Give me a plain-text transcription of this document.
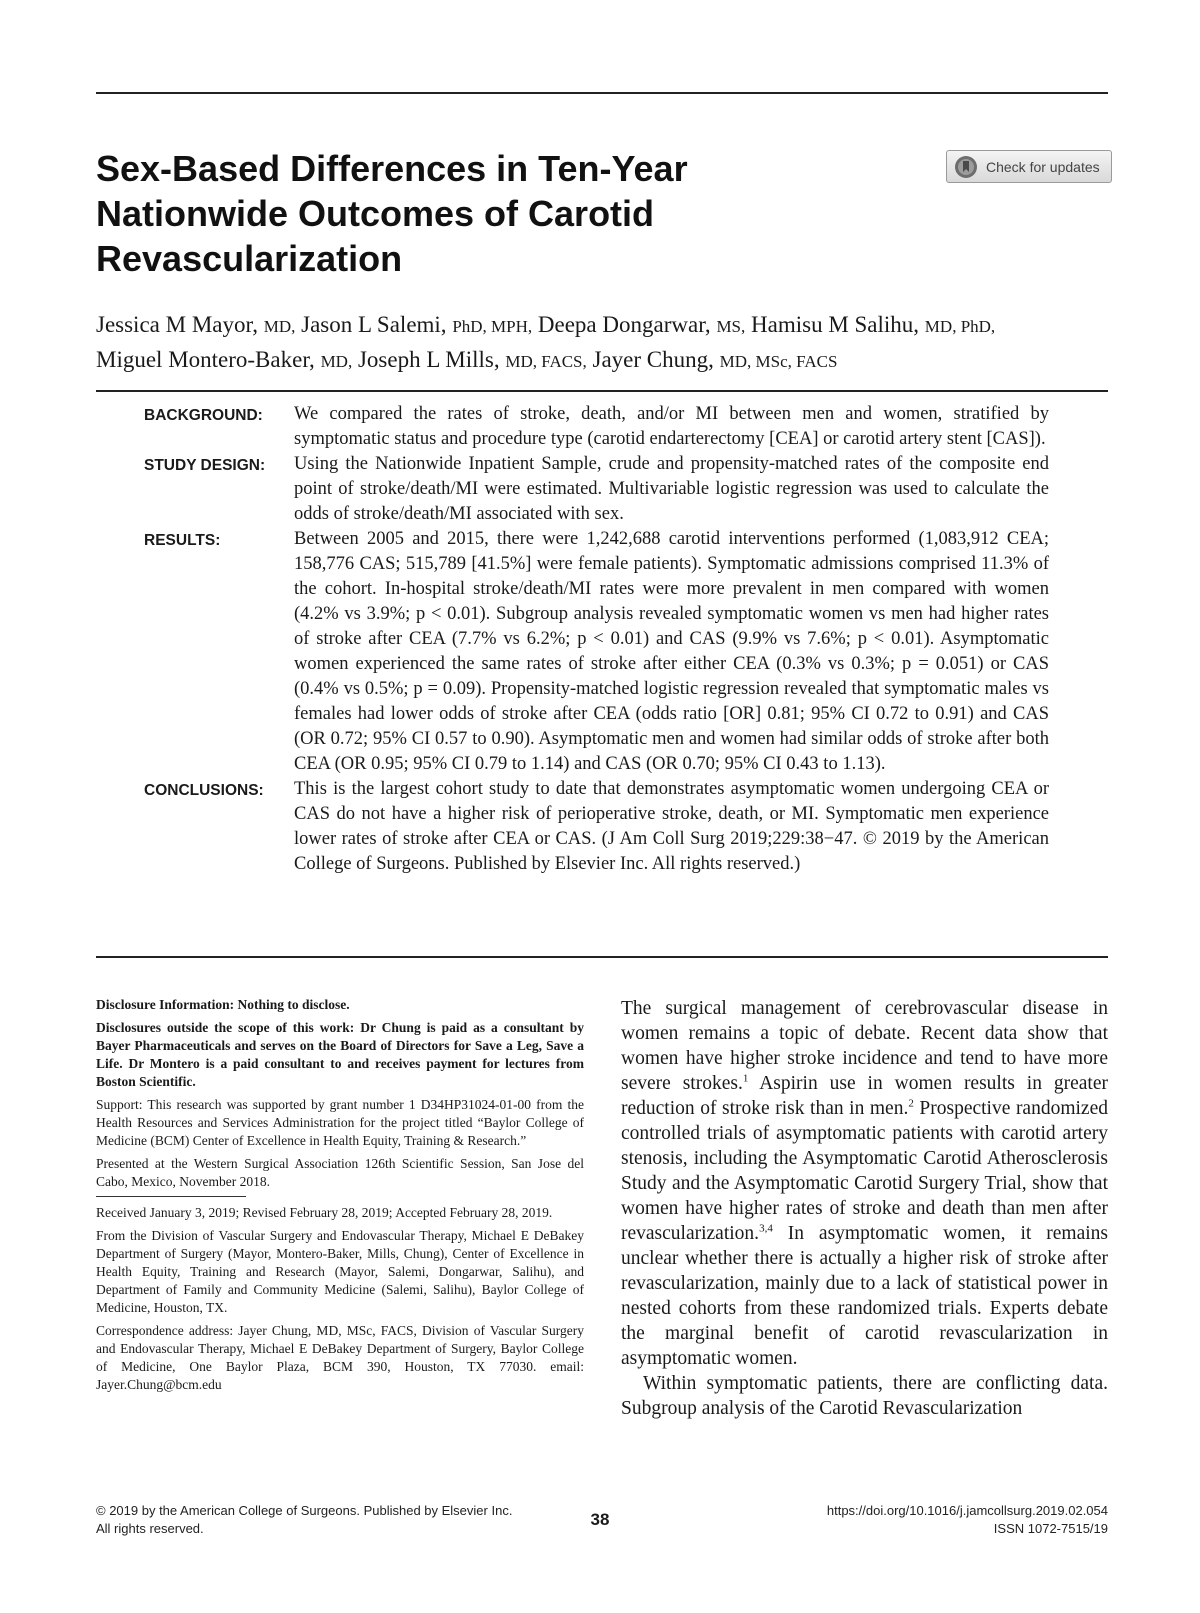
Sex-Based Differences in Ten-Year Nationwide Outcomes of Carotid Revascularization
Check for updates
Jessica M Mayor, MD, Jason L Salemi, PhD, MPH, Deepa Dongarwar, MS, Hamisu M Salihu, MD, PhD,
Miguel Montero-Baker, MD, Joseph L Mills, MD, FACS, Jayer Chung, MD, MSc, FACS
BACKGROUND:	We compared the rates of stroke, death, and/or MI between men and women, stratified by symptomatic status and procedure type (carotid endarterectomy [CEA] or carotid artery stent [CAS]).
STUDY DESIGN:	Using the Nationwide Inpatient Sample, crude and propensity-matched rates of the composite end point of stroke/death/MI were estimated. Multivariable logistic regression was used to calculate the odds of stroke/death/MI associated with sex.
RESULTS:	Between 2005 and 2015, there were 1,242,688 carotid interventions performed (1,083,912 CEA; 158,776 CAS; 515,789 [41.5%] were female patients). Symptomatic admissions comprised 11.3% of the cohort. In-hospital stroke/death/MI rates were more prevalent in men compared with women (4.2% vs 3.9%; p < 0.01). Subgroup analysis revealed symptomatic women vs men had higher rates of stroke after CEA (7.7% vs 6.2%; p < 0.01) and CAS (9.9% vs 7.6%; p < 0.01). Asymptomatic women experienced the same rates of stroke after either CEA (0.3% vs 0.3%; p = 0.051) or CAS (0.4% vs 0.5%; p = 0.09). Propensity-matched logistic regression revealed that symptomatic males vs females had lower odds of stroke after CEA (odds ratio [OR] 0.81; 95% CI 0.72 to 0.91) and CAS (OR 0.72; 95% CI 0.57 to 0.90). Asymptomatic men and women had similar odds of stroke after both CEA (OR 0.95; 95% CI 0.79 to 1.14) and CAS (OR 0.70; 95% CI 0.43 to 1.13).
CONCLUSIONS:	This is the largest cohort study to date that demonstrates asymptomatic women undergoing CEA or CAS do not have a higher risk of perioperative stroke, death, or MI. Symptomatic men experience lower rates of stroke after CEA or CAS. (J Am Coll Surg 2019;229:38−47. © 2019 by the American College of Surgeons. Published by Elsevier Inc. All rights reserved.)

Disclosure Information: Nothing to disclose.

Disclosures outside the scope of this work: Dr Chung is paid as a consultant by Bayer Pharmaceuticals and serves on the Board of Directors for Save a Leg, Save a Life. Dr Montero is a paid consultant to and receives payment for lectures from Boston Scientific.

Support: This research was supported by grant number 1 D34HP31024-01-00 from the Health Resources and Services Administration for the project titled “Baylor College of Medicine (BCM) Center of Excellence in Health Equity, Training & Research.”

Presented at the Western Surgical Association 126th Scientific Session, San Jose del Cabo, Mexico, November 2018.

Received January 3, 2019; Revised February 28, 2019; Accepted February 28, 2019.

From the Division of Vascular Surgery and Endovascular Therapy, Michael E DeBakey Department of Surgery (Mayor, Montero-Baker, Mills, Chung), Center of Excellence in Health Equity, Training and Research (Mayor, Salemi, Dongarwar, Salihu), and Department of Family and Community Medicine (Salemi, Salihu), Baylor College of Medicine, Houston, TX.

Correspondence address: Jayer Chung, MD, MSc, FACS, Division of Vascular Surgery and Endovascular Therapy, Michael E DeBakey Department of Surgery, Baylor College of Medicine, One Baylor Plaza, BCM 390, Houston, TX 77030. email: Jayer.Chung@bcm.edu

The surgical management of cerebrovascular disease in women remains a topic of debate. Recent data show that women have higher stroke incidence and tend to have more severe strokes.$^1$ Aspirin use in women results in greater reduction of stroke risk than in men.$^2$ Prospective randomized controlled trials of asymptomatic patients with carotid artery stenosis, including the Asymptomatic Carotid Atherosclerosis Study and the Asymptomatic Carotid Surgery Trial, show that women have higher rates of stroke and death than men after revascularization.$^{3,4}$ In asymptomatic women, it remains unclear whether there is actually a higher risk of stroke after revascularization, mainly due to a lack of statistical power in nested cohorts from these randomized trials. Experts debate the marginal benefit of carotid revascularization in asymptomatic women.

Within symptomatic patients, there are conflicting data. Subgroup analysis of the Carotid Revascularization

© 2019 by the American College of Surgeons. Published by Elsevier Inc.
All rights reserved.	38	https://doi.org/10.1016/j.jamcollsurg.2019.02.054
ISSN 1072-7515/19
